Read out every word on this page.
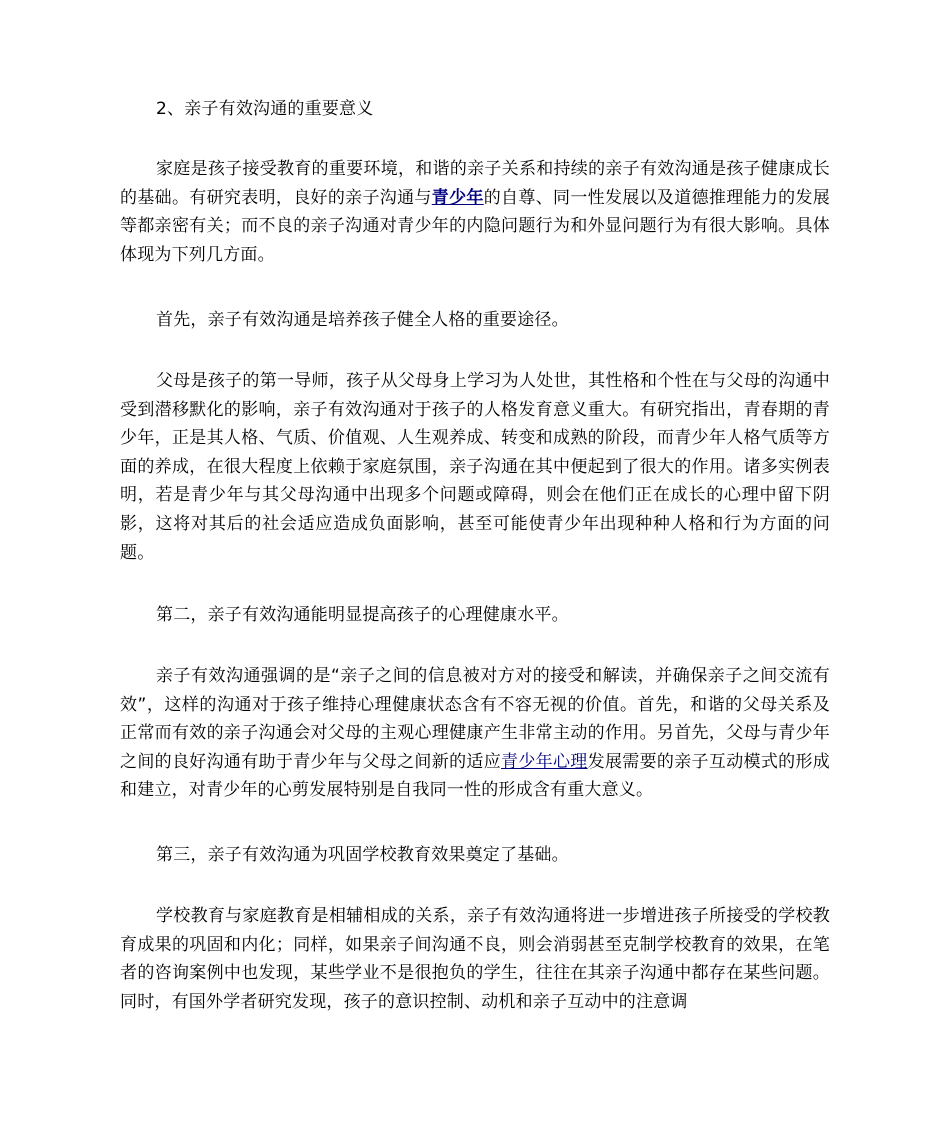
2、亲子有效沟通的重要意义

家庭是孩子接受教育的重要环境，和谐的亲子关系和持续的亲子有效沟通是孩子健康成长的基础。有研究表明，良好的亲子沟通与青少年的自尊、同一性发展以及道德推理能力的发展等都亲密有关；而不良的亲子沟通对青少年的内隐问题行为和外显问题行为有很大影响。具体体现为下列几方面。

首先，亲子有效沟通是培养孩子健全人格的重要途径。

父母是孩子的第一导师，孩子从父母身上学习为人处世，其性格和个性在与父母的沟通中受到潜移默化的影响，亲子有效沟通对于孩子的人格发育意义重大。有研究指出，青春期的青少年，正是其人格、气质、价值观、人生观养成、转变和成熟的阶段，而青少年人格气质等方面的养成，在很大程度上依赖于家庭氛围，亲子沟通在其中便起到了很大的作用。诸多实例表明，若是青少年与其父母沟通中出现多个问题或障碍，则会在他们正在成长的心理中留下阴影，这将对其后的社会适应造成负面影响，甚至可能使青少年出现种种人格和行为方面的问题。

第二，亲子有效沟通能明显提高孩子的心理健康水平。

亲子有效沟通强调的是“亲子之间的信息被对方对的接受和解读，并确保亲子之间交流有效”，这样的沟通对于孩子维持心理健康状态含有不容无视的价值。首先，和谐的父母关系及正常而有效的亲子沟通会对父母的主观心理健康产生非常主动的作用。另首先，父母与青少年之间的良好沟通有助于青少年与父母之间新的适应青少年心理发展需要的亲子互动模式的形成和建立，对青少年的心剪发展特别是自我同一性的形成含有重大意义。

第三，亲子有效沟通为巩固学校教育效果奠定了基础。

学校教育与家庭教育是相辅相成的关系，亲子有效沟通将进一步增进孩子所接受的学校教育成果的巩固和内化；同样，如果亲子间沟通不良，则会消弱甚至克制学校教育的效果，在笔者的咨询案例中也发现，某些学业不是很抱负的学生，往往在其亲子沟通中都存在某些问题。同时，有国外学者研究发现，孩子的意识控制、动机和亲子互动中的注意调
